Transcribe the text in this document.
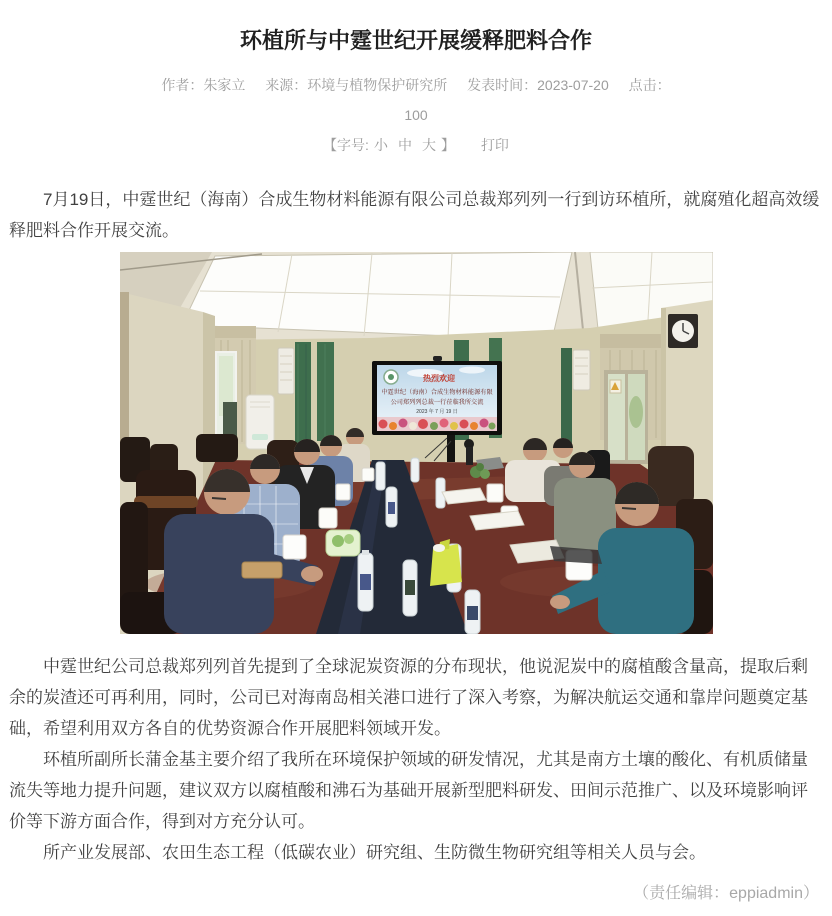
环植所与中霆世纪开展缓释肥料合作
作者：朱家立 来源：环境与植物保护研究所 发表时间：2023-07-20 点击：
100
【字号: 小 中 大 】 打印

7月19日，中霆世纪（海南）合成生物材料能源有限公司总裁郑列列一行到访环植所，就腐殖化超高效缓释肥料合作开展交流。

热烈欢迎
中霆世纪（海南）合成生物材料能源有限
公司郑列列总裁一行莅临我所交流
2023 年 7 月 19 日

中霆世纪公司总裁郑列列首先提到了全球泥炭资源的分布现状，他说泥炭中的腐植酸含量高，提取后剩余的炭渣还可再利用，同时，公司已对海南岛相关港口进行了深入考察，为解决航运交通和靠岸问题奠定基础，希望利用双方各自的优势资源合作开展肥料领域开发。

环植所副所长蒲金基主要介绍了我所在环境保护领域的研发情况，尤其是南方土壤的酸化、有机质储量流失等地力提升问题，建议双方以腐植酸和沸石为基础开展新型肥料研发、田间示范推广、以及环境影响评价等下游方面合作，得到对方充分认可。

所产业发展部、农田生态工程（低碳农业）研究组、生防微生物研究组等相关人员与会。

（责任编辑：eppiadmin）
